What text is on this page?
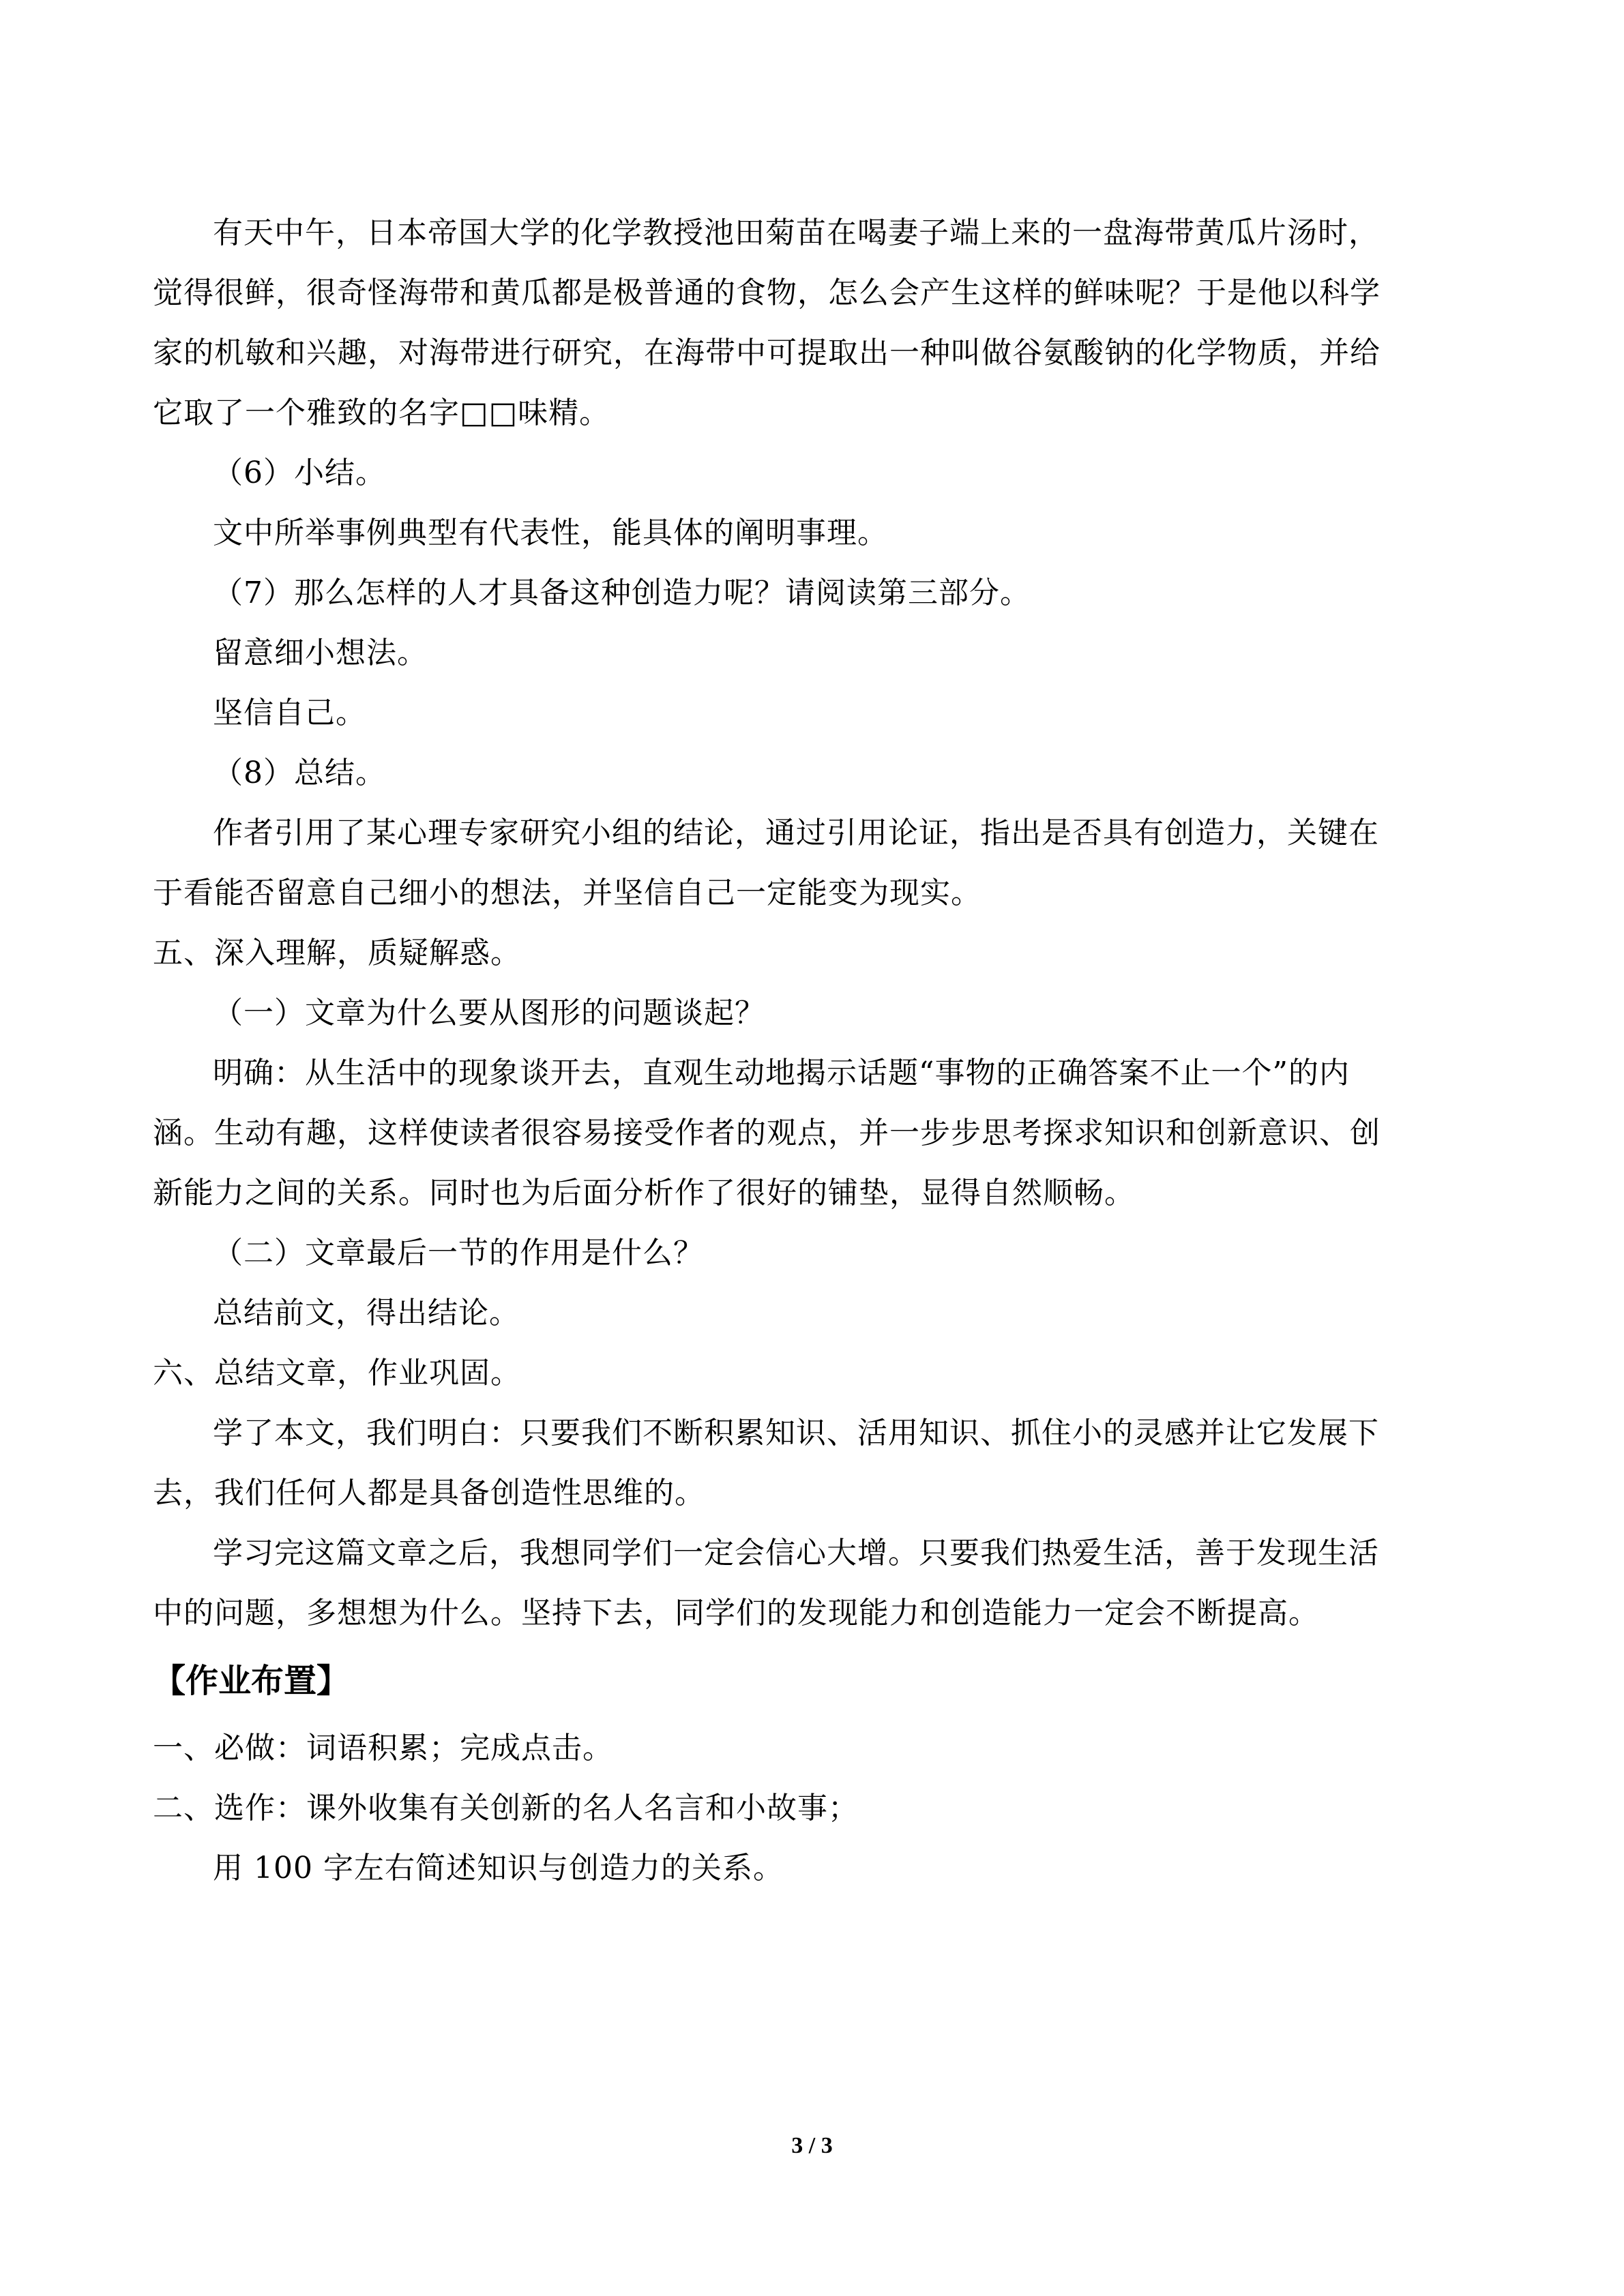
有天中午，日本帝国大学的化学教授池田菊苗在喝妻子端上来的一盘海带黄瓜片汤时，
觉得很鲜，很奇怪海带和黄瓜都是极普通的食物，怎么会产生这样的鲜味呢？于是他以科学
家的机敏和兴趣，对海带进行研究，在海带中可提取出一种叫做谷氨酸钠的化学物质，并给
它取了一个雅致的名字□□味精。
（6）小结。
文中所举事例典型有代表性，能具体的阐明事理。
（7）那么怎样的人才具备这种创造力呢？请阅读第三部分。
留意细小想法。
坚信自己。
（8）总结。
作者引用了某心理专家研究小组的结论，通过引用论证，指出是否具有创造力，关键在
于看能否留意自己细小的想法，并坚信自己一定能变为现实。
五、深入理解，质疑解惑。
（一）文章为什么要从图形的问题谈起？
明确：从生活中的现象谈开去，直观生动地揭示话题“事物的正确答案不止一个”的内
涵。生动有趣，这样使读者很容易接受作者的观点，并一步步思考探求知识和创新意识、创
新能力之间的关系。同时也为后面分析作了很好的铺垫，显得自然顺畅。
（二）文章最后一节的作用是什么？
总结前文，得出结论。
六、总结文章，作业巩固。
学了本文，我们明白：只要我们不断积累知识、活用知识、抓住小的灵感并让它发展下
去，我们任何人都是具备创造性思维的。
学习完这篇文章之后，我想同学们一定会信心大增。只要我们热爱生活，善于发现生活
中的问题，多想想为什么。坚持下去，同学们的发现能力和创造能力一定会不断提高。
【作业布置】
一、必做：词语积累；完成点击。
二、选作：课外收集有关创新的名人名言和小故事；
用 100 字左右简述知识与创造力的关系。
3 / 3
